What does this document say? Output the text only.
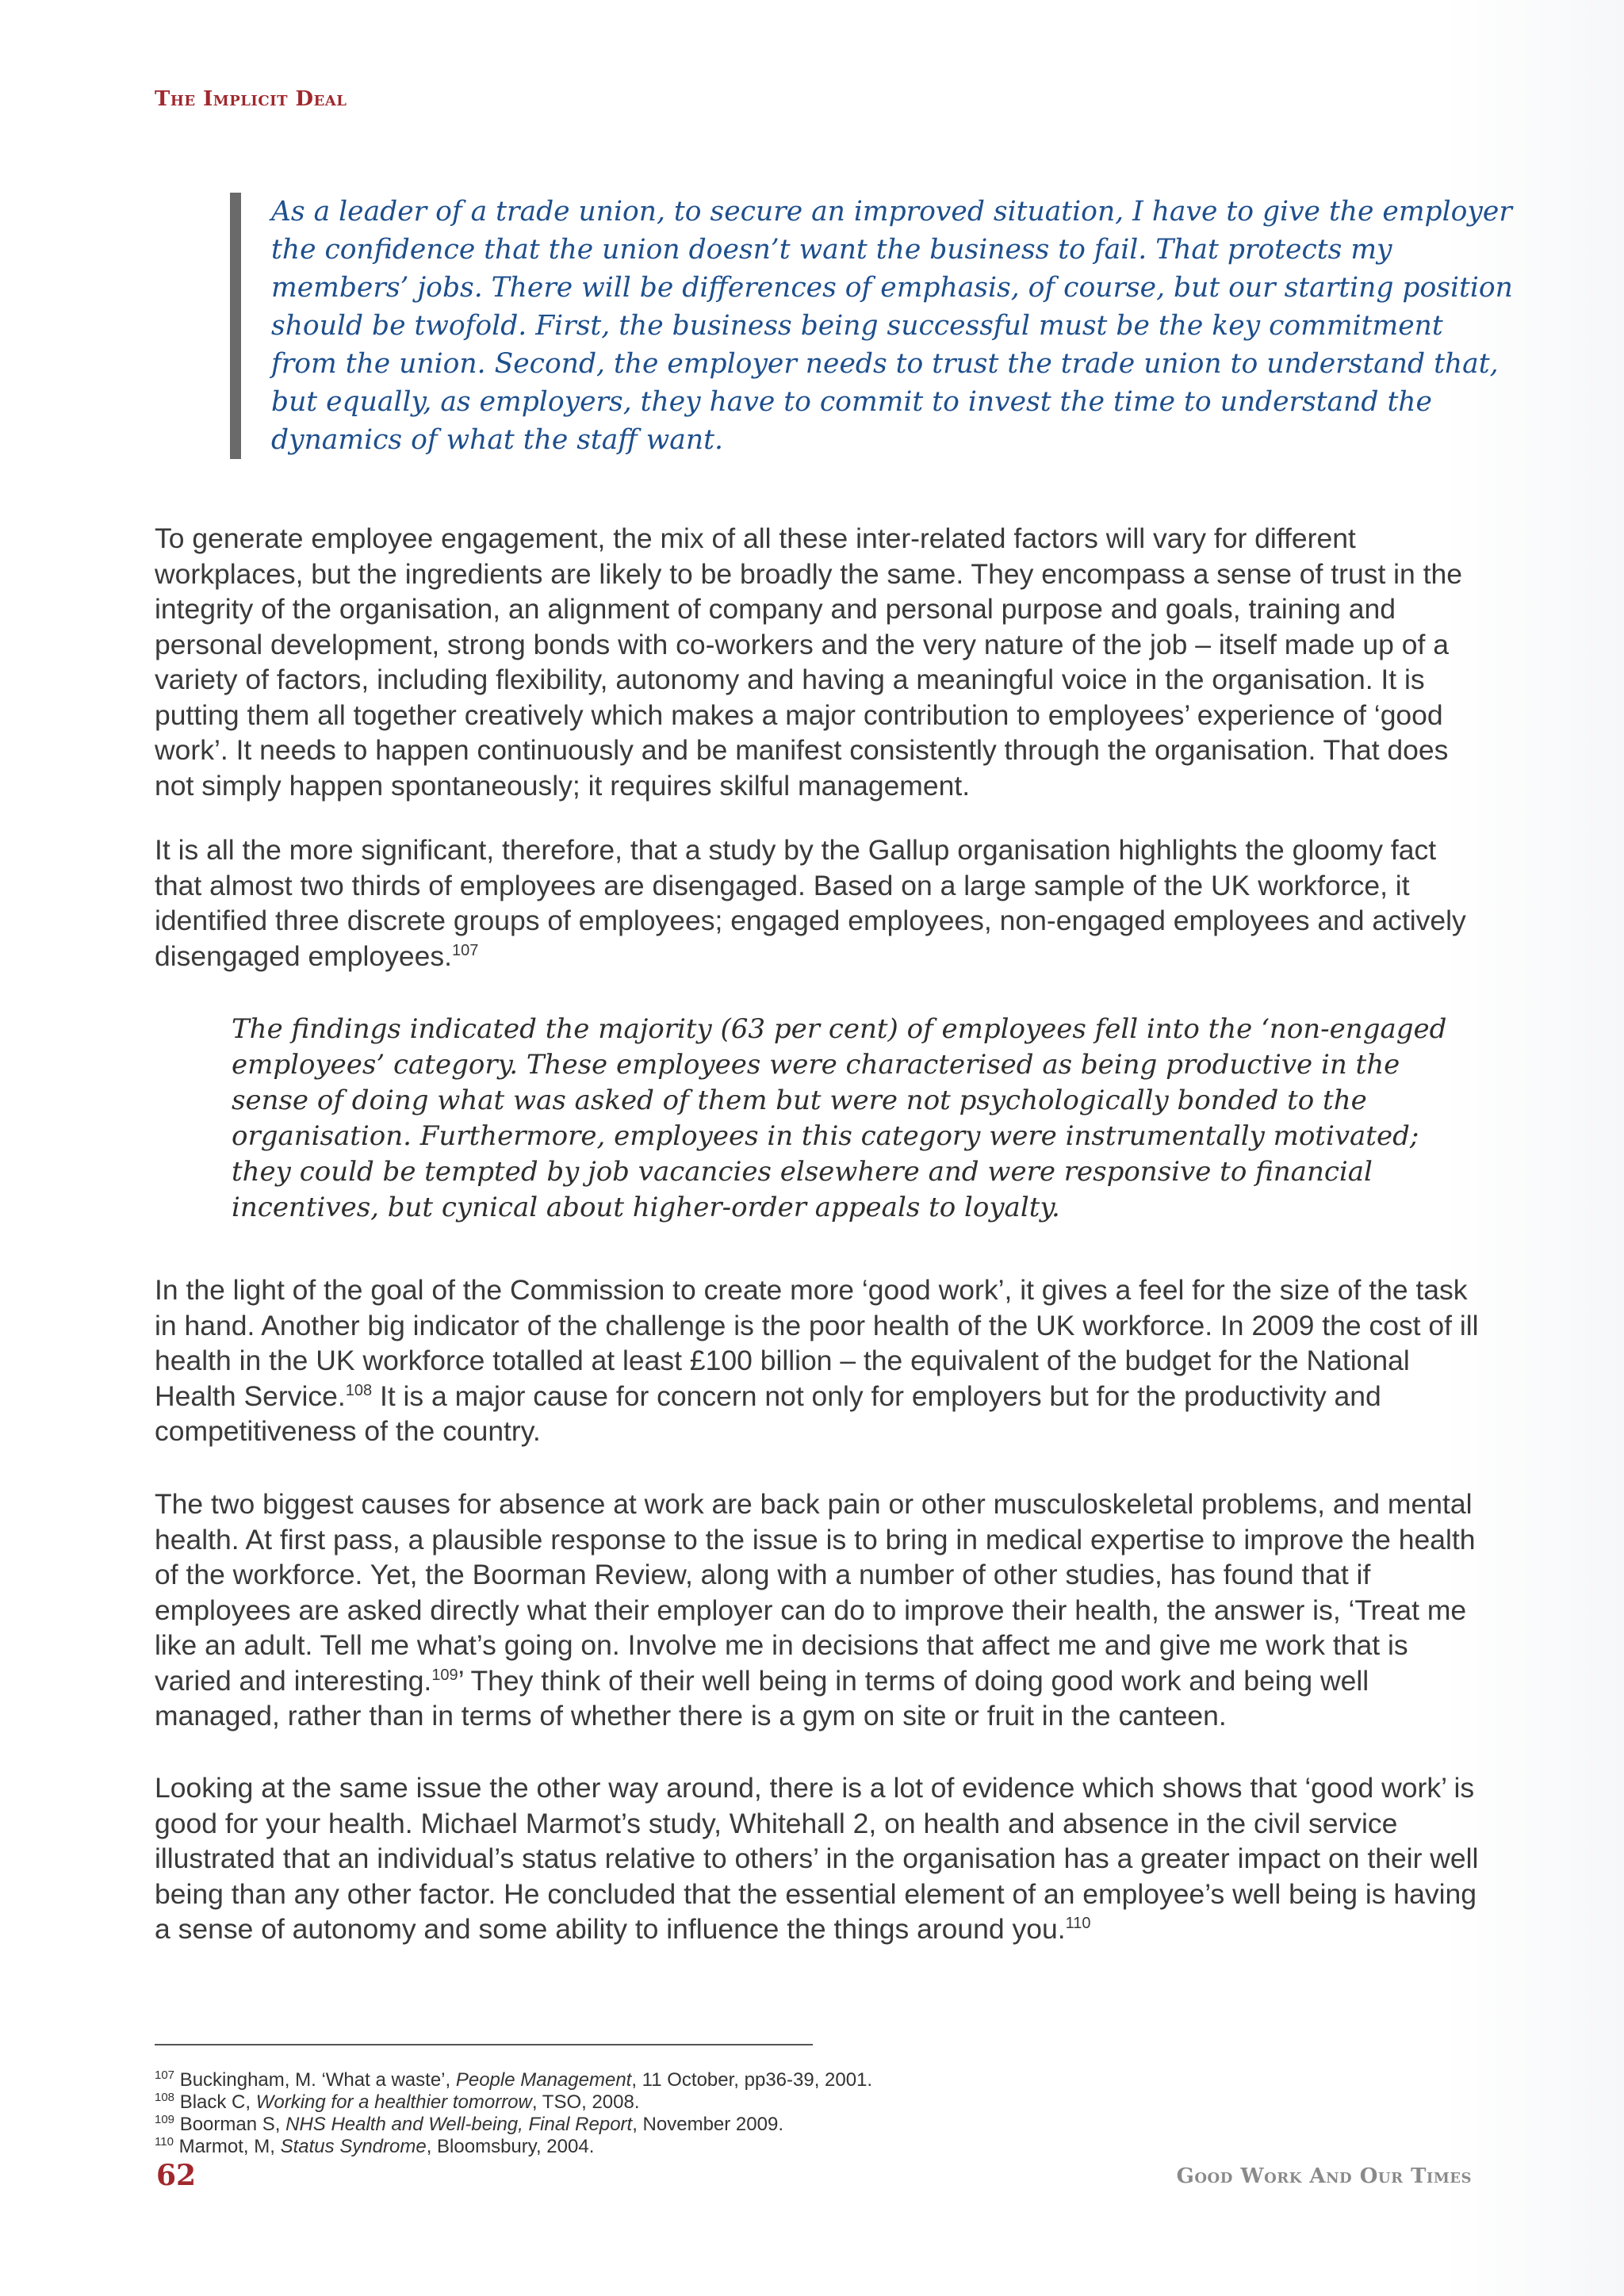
The Implicit Deal
As a leader of a trade union, to secure an improved situation, I have to give the employer the confidence that the union doesn’t want the business to fail. That protects my members’ jobs. There will be differences of emphasis, of course, but our starting position should be twofold. First, the business being successful must be the key commitment from the union. Second, the employer needs to trust the trade union to understand that, but equally, as employers, they have to commit to invest the time to understand the dynamics of what the staff want.

To generate employee engagement, the mix of all these inter-related factors will vary for different workplaces, but the ingredients are likely to be broadly the same. They encompass a sense of trust in the integrity of the organisation, an alignment of company and personal purpose and goals, training and personal development, strong bonds with co-workers and the very nature of the job – itself made up of a variety of factors, including flexibility, autonomy and having a meaningful voice in the organisation. It is putting them all together creatively which makes a major contribution to employees’ experience of ‘good work’. It needs to happen continuously and be manifest consistently through the organisation. That does not simply happen spontaneously; it requires skilful management.

It is all the more significant, therefore, that a study by the Gallup organisation highlights the gloomy fact that almost two thirds of employees are disengaged. Based on a large sample of the UK workforce, it identified three discrete groups of employees; engaged employees, non-engaged employees and actively disengaged employees.$^{107}$

The findings indicated the majority (63 per cent) of employees fell into the ‘non-engaged employees’ category. These employees were characterised as being productive in the sense of doing what was asked of them but were not psychologically bonded to the organisation. Furthermore, employees in this category were instrumentally motivated; they could be tempted by job vacancies elsewhere and were responsive to financial incentives, but cynical about higher-order appeals to loyalty.

In the light of the goal of the Commission to create more ‘good work’, it gives a feel for the size of the task in hand. Another big indicator of the challenge is the poor health of the UK workforce. In 2009 the cost of ill health in the UK workforce totalled at least £100 billion – the equivalent of the budget for the National Health Service.$^{108}$ It is a major cause for concern not only for employers but for the productivity and competitiveness of the country.

The two biggest causes for absence at work are back pain or other musculoskeletal problems, and mental health. At first pass, a plausible response to the issue is to bring in medical expertise to improve the health of the workforce. Yet, the Boorman Review, along with a number of other studies, has found that if employees are asked directly what their employer can do to improve their health, the answer is, ‘Treat me like an adult. Tell me what’s going on. Involve me in decisions that affect me and give me work that is varied and interesting.$^{109}$’ They think of their well being in terms of doing good work and being well managed, rather than in terms of whether there is a gym on site or fruit in the canteen.

Looking at the same issue the other way around, there is a lot of evidence which shows that ‘good work’ is good for your health. Michael Marmot’s study, Whitehall 2, on health and absence in the civil service illustrated that an individual’s status relative to others’ in the organisation has a greater impact on their well being than any other factor. He concluded that the essential element of an employee’s well being is having a sense of autonomy and some ability to influence the things around you.$^{110}$

$^{107}$ Buckingham, M. ‘What a waste’, People Management, 11 October, pp36-39, 2001.
$^{108}$ Black C, Working for a healthier tomorrow, TSO, 2008.
$^{109}$ Boorman S, NHS Health and Well-being, Final Report, November 2009.
$^{110}$ Marmot, M, Status Syndrome, Bloomsbury, 2004.
62	Good Work And Our Times
